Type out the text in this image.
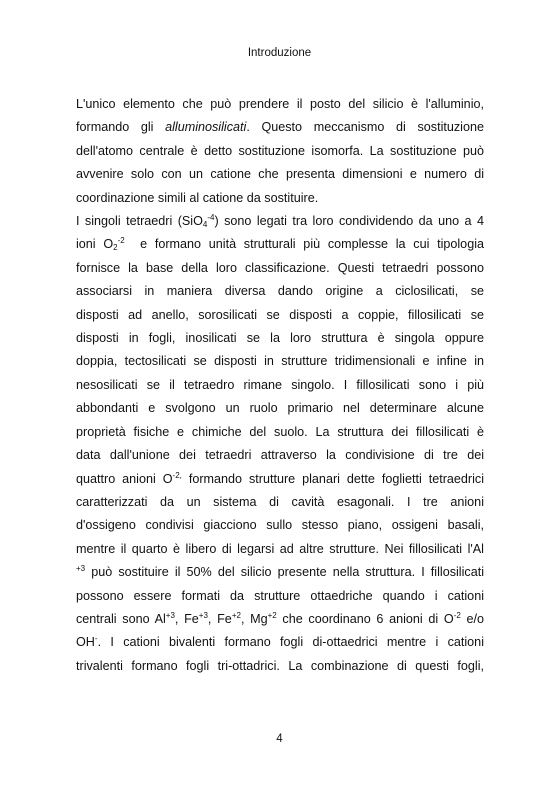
Introduzione
L'unico elemento che può prendere il posto del silicio è l'alluminio,
formando gli alluminosilicati. Questo meccanismo di sostituzione
dell'atomo centrale è detto sostituzione isomorfa. La sostituzione può
avvenire solo con un catione che presenta dimensioni e numero di
coordinazione simili al catione da sostituire.
I singoli tetraedri (SiO$_4^{-4}$) sono legati tra loro condividendo da uno a 4
ioni $O_2^{-2}$  e formano unità strutturali più complesse la cui tipologia
fornisce la base della loro classificazione. Questi tetraedri possono
associarsi in maniera diversa dando origine a ciclosilicati, se
disposti ad anello, sorosilicati se disposti a coppie, fillosilicati se
disposti in fogli, inosilicati se la loro struttura è singola oppure
doppia, tectosilicati se disposti in strutture tridimensionali e infine in
nesosilicati se il tetraedro rimane singolo. I fillosilicati sono i più
abbondanti e svolgono un ruolo primario nel determinare alcune
proprietà fisiche e chimiche del suolo. La struttura dei fillosilicati è
data dall'unione dei tetraedri attraverso la condivisione di tre dei
quattro anioni $O^{-2,}$ formando strutture planari dette foglietti tetraedrici
caratterizzati da un sistema di cavità esagonali. I tre anioni
d'ossigeno condivisi giacciono sullo stesso piano, ossigeni basali,
mentre il quarto è libero di legarsi ad altre strutture. Nei fillosilicati l'Al
$^{+3}$ può sostituire il 50% del silicio presente nella struttura. I fillosilicati
possono essere formati da strutture ottaedriche quando i cationi
centrali sono $Al^{+3}$, $Fe^{+3}$, $Fe^{+2}$, $Mg^{+2}$ che coordinano 6 anioni di $O^{-2}$ e/o
OH-. I cationi bivalenti formano fogli di-ottaedrici mentre i cationi
trivalenti formano fogli tri-ottadrici. La combinazione di questi fogli,
4
